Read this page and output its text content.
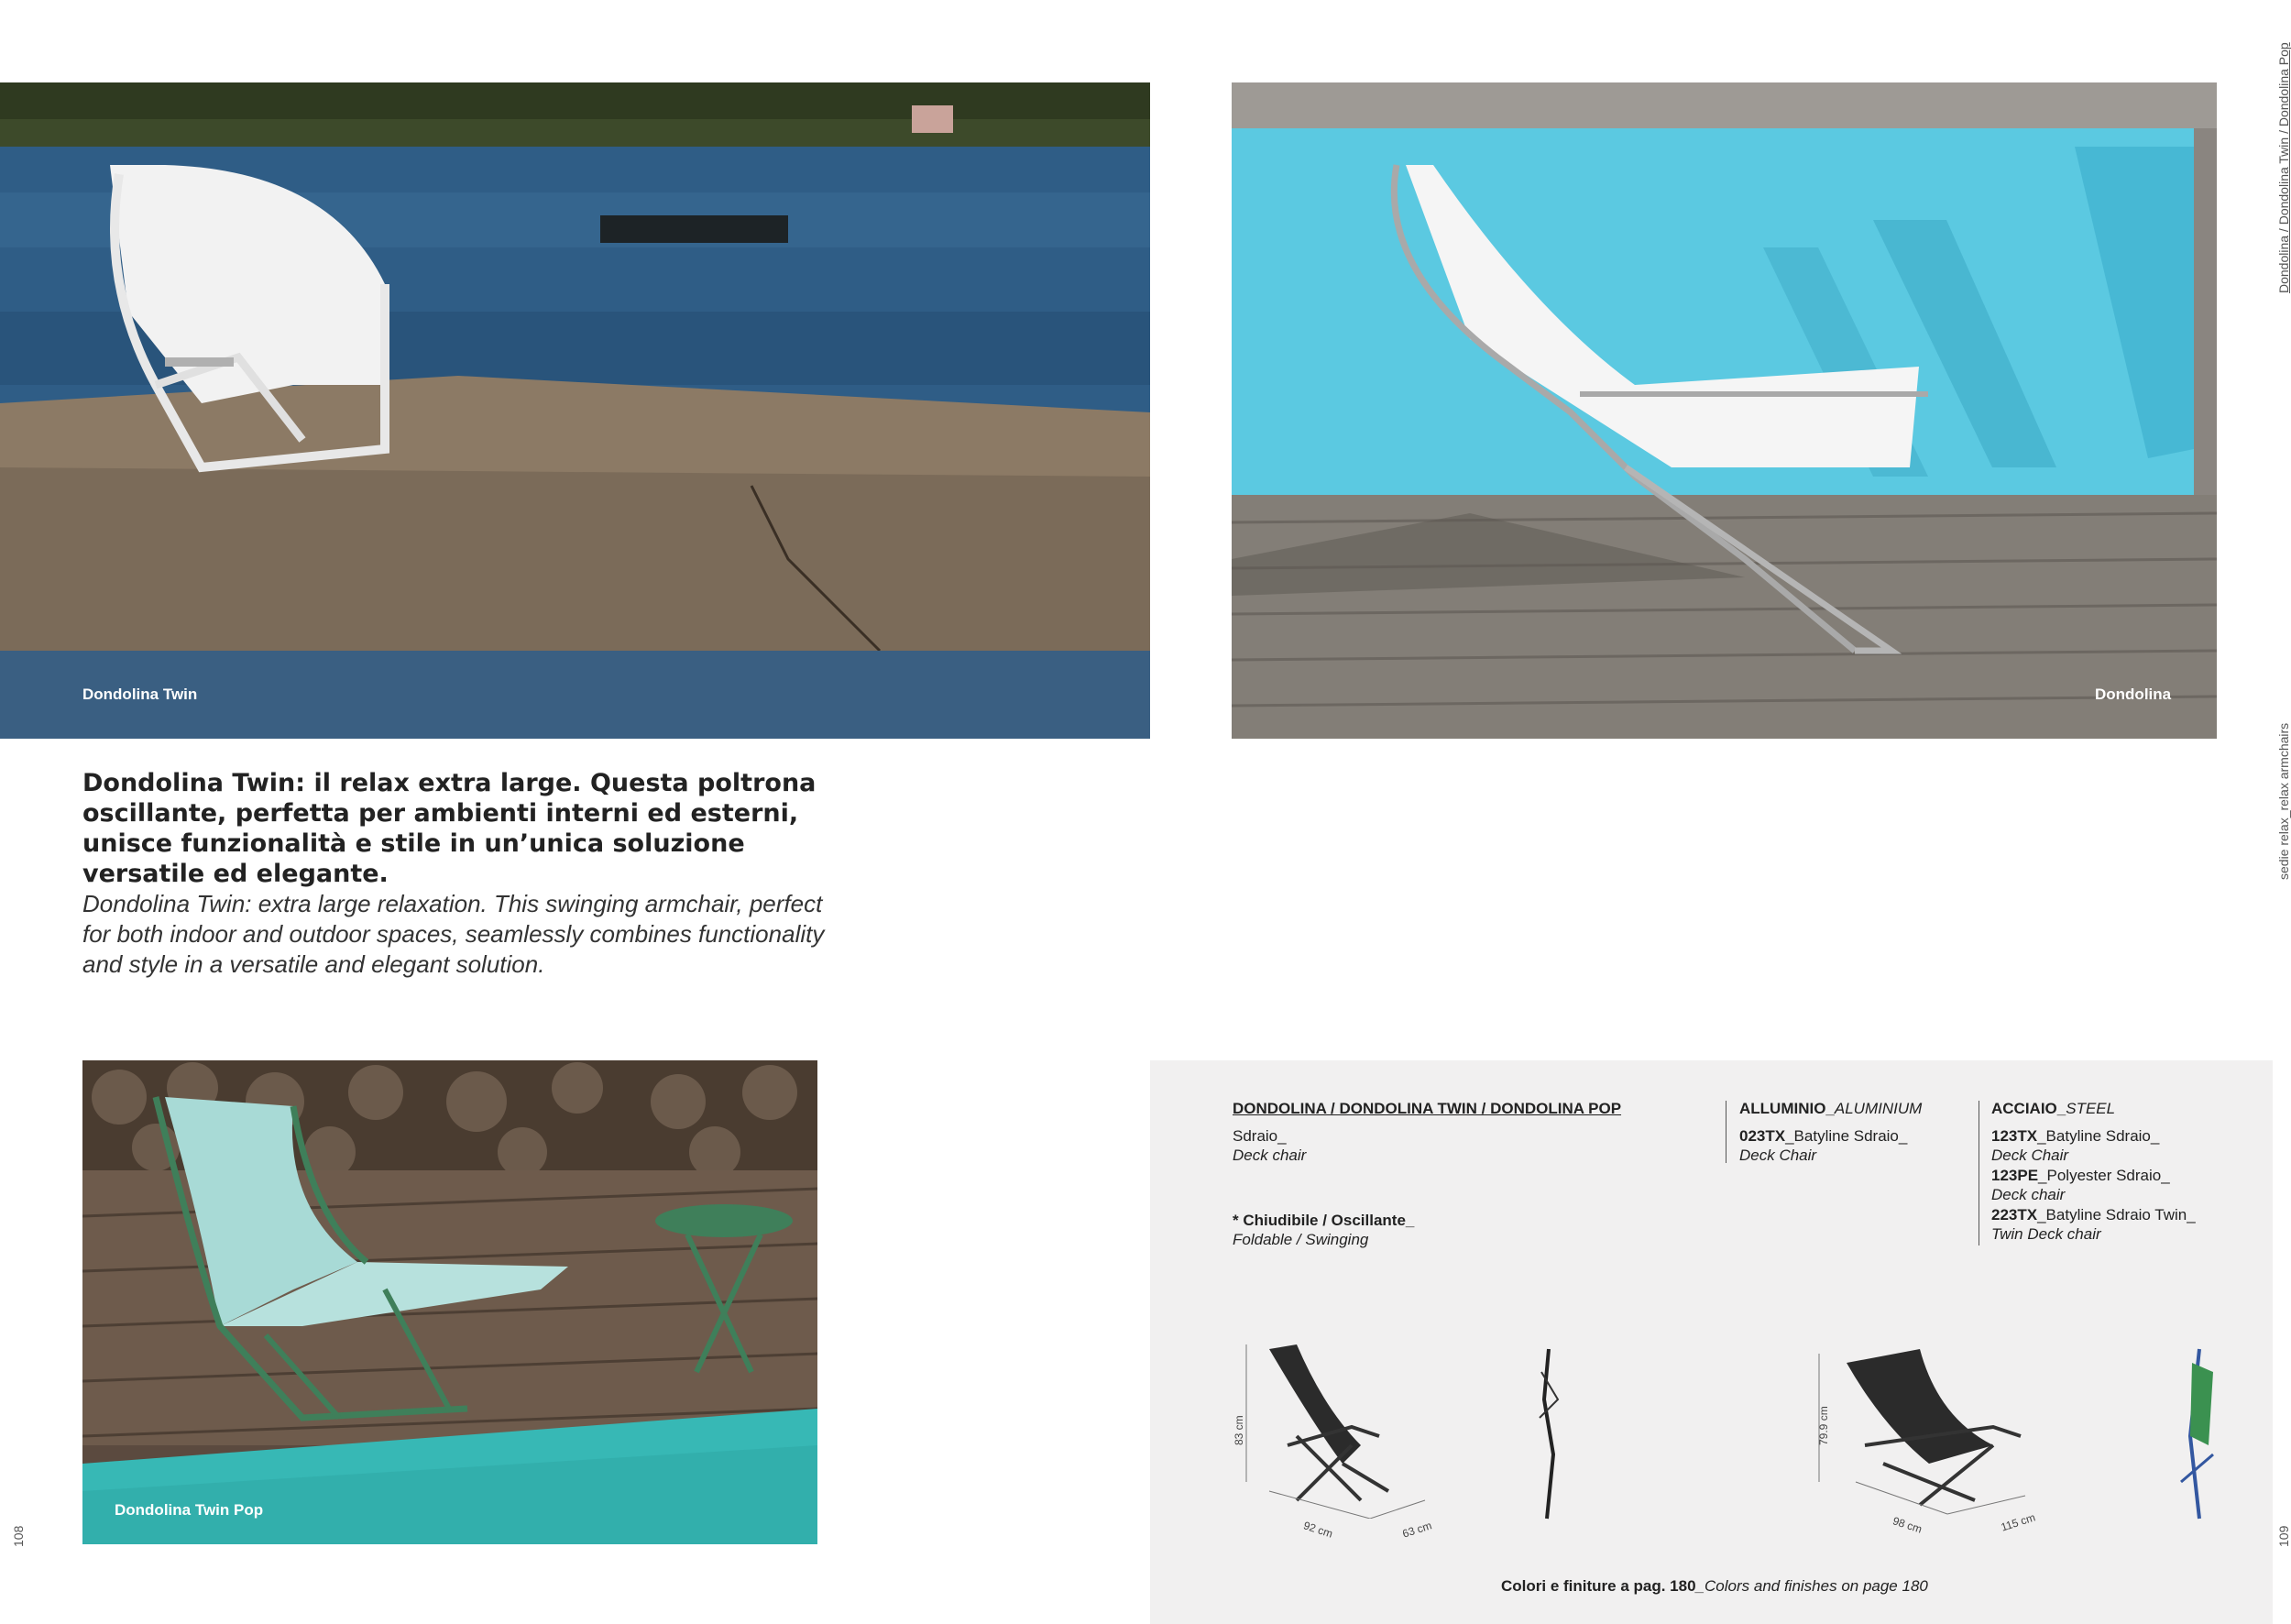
Dondolina Twin	Dondolina
Dondolina / Dondolina Twin / Dondolina Pop
sedie relax_relax armchairs
Dondolina Twin: il relax extra large. Questa poltrona oscillante, perfetta per ambienti interni ed esterni, unisce funzionalità e stile in un’unica soluzione versatile ed elegante.
Dondolina Twin: extra large relaxation. This swinging armchair, perfect for both indoor and outdoor spaces, seamlessly combines functionality and style in a versatile and elegant solution.
Dondolina Twin Pop
108	109
DONDOLINA / DONDOLINA TWIN / DONDOLINA POP
Sdraio_
Deck chair
* Chiudibile / Oscillante_
Foldable / Swinging
ALLUMINIO_ALUMINIUM
023TX_Batyline Sdraio_
Deck Chair
ACCIAIO_STEEL
123TX_Batyline Sdraio_
Deck Chair
123PE_Polyester Sdraio_
Deck chair
223TX_Batyline Sdraio Twin_
Twin Deck chair
83 cm
92 cm	63 cm
79.9 cm
98 cm	115 cm
Colori e finiture a pag. 180_Colors and finishes on page 180
